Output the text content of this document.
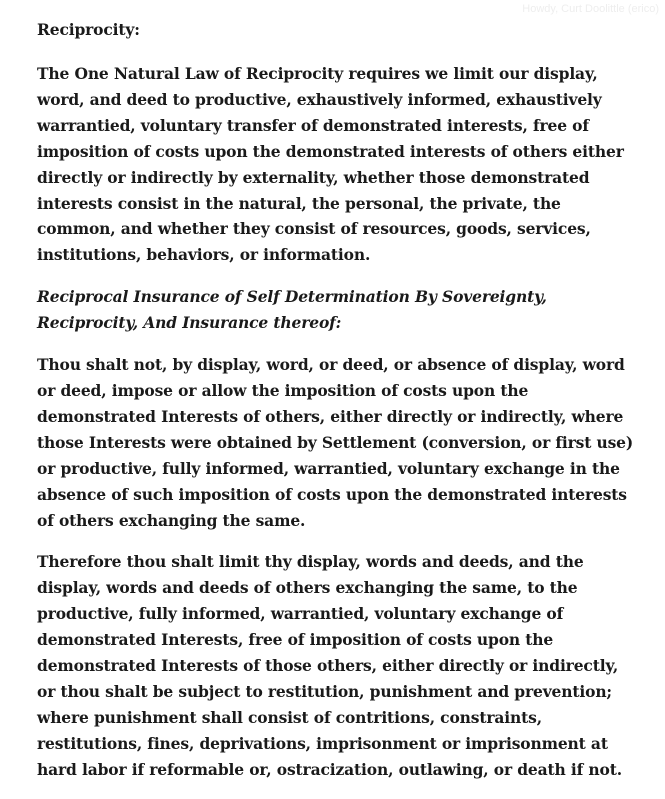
Howdy, Curt Doolittle (erico)
Reciprocity:

The One Natural Law of Reciprocity requires we limit our display, word, and deed to productive, exhaustively informed, exhaustively warrantied, voluntary transfer of demonstrated interests, free of imposition of costs upon the demonstrated interests of others either directly or indirectly by externality, whether those demonstrated interests consist in the natural, the personal, the private, the common, and whether they consist of resources, goods, services, institutions, behaviors, or information.

Reciprocal Insurance of Self Determination By Sovereignty, Reciprocity, And Insurance thereof:

Thou shalt not, by display, word, or deed, or absence of display, word or deed, impose or allow the imposition of costs upon the demonstrated Interests of others, either directly or indirectly, where those Interests were obtained by Settlement (conversion, or first use) or productive, fully informed, warrantied, voluntary exchange in the absence of such imposition of costs upon the demonstrated interests of others exchanging the same.

Therefore thou shalt limit thy display, words and deeds, and the display, words and deeds of others exchanging the same, to the productive, fully informed, warrantied, voluntary exchange of demonstrated Interests, free of imposition of costs upon the demonstrated Interests of those others, either directly or indirectly, or thou shalt be subject to restitution, punishment and prevention; where punishment shall consist of contritions, constraints, restitutions, fines, deprivations, imprisonment or imprisonment at hard labor if reformable or, ostracization, outlawing, or death if not.
